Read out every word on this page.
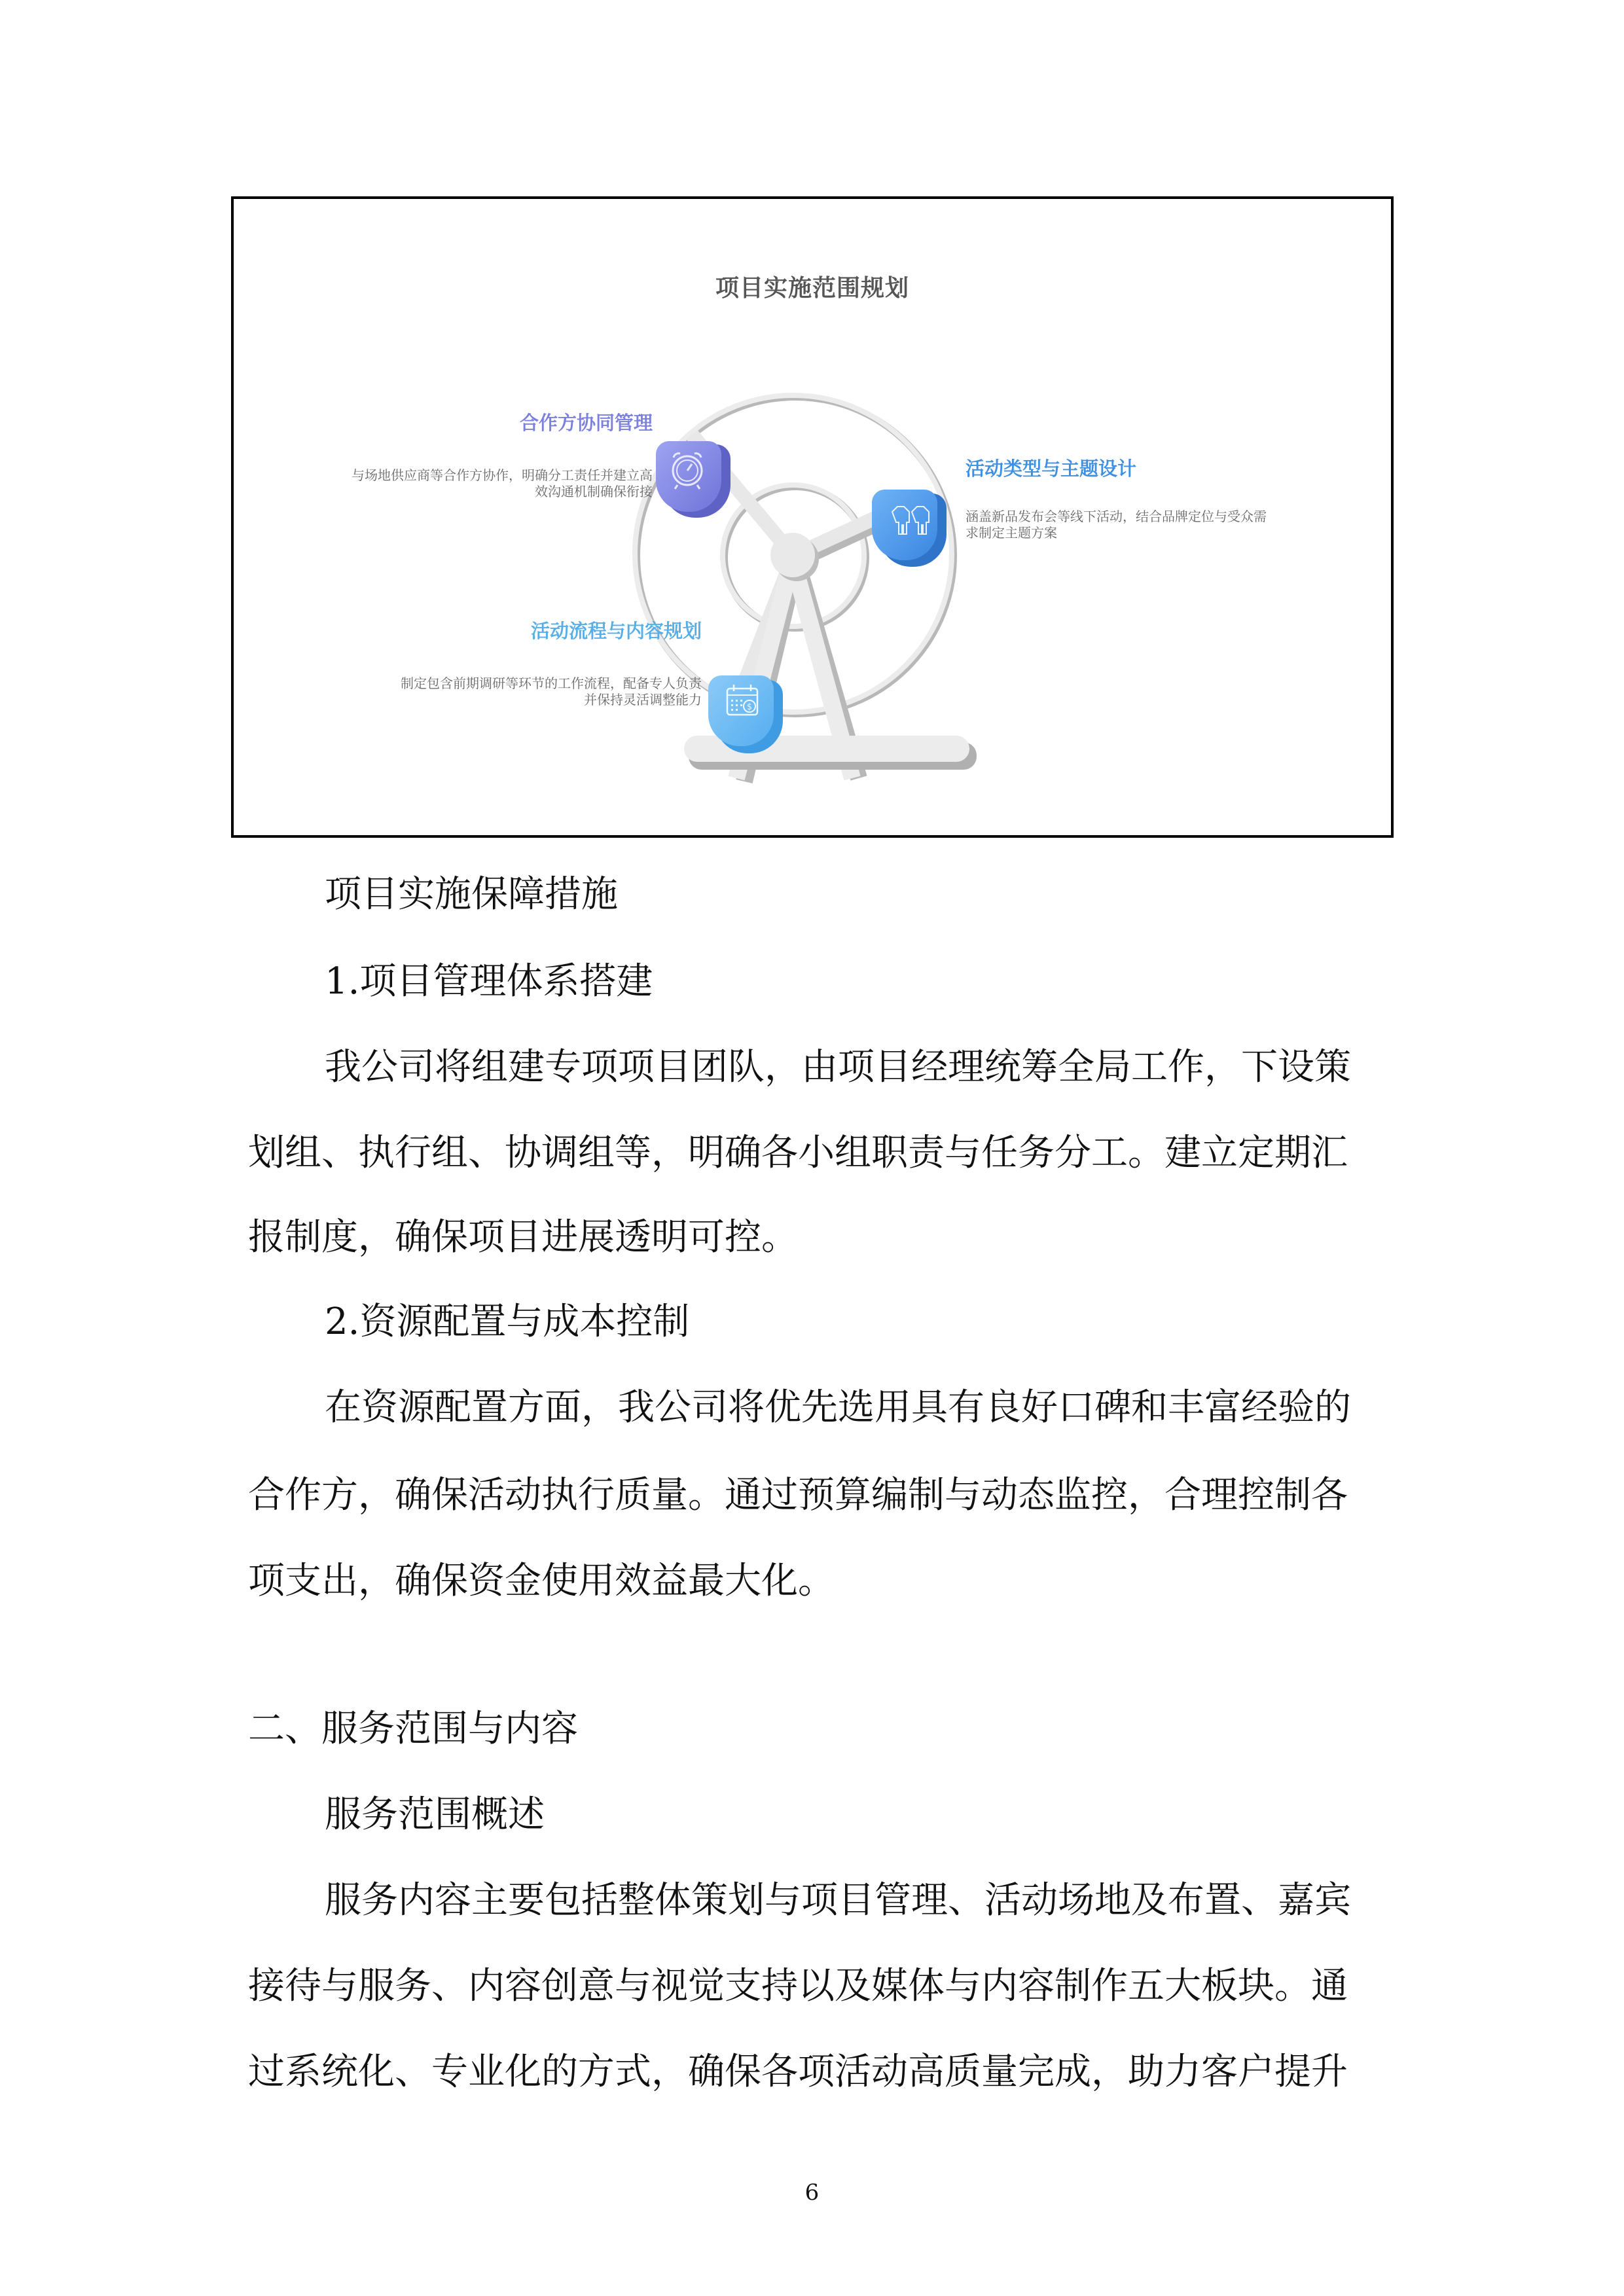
项目实施范围规划
$
合作方协同管理
与场地供应商等合作方协作，明确分工责任并建立高
效沟通机制确保衔接
活动类型与主题设计
涵盖新品发布会等线下活动，结合品牌定位与受众需
求制定主题方案
活动流程与内容规划
制定包含前期调研等环节的工作流程，配备专人负责
并保持灵活调整能力
项目实施保障措施
1.项目管理体系搭建
我公司将组建专项项目团队，由项目经理统筹全局工作，下设策
划组、执行组、协调组等，明确各小组职责与任务分工。建立定期汇
报制度，确保项目进展透明可控。
2.资源配置与成本控制
在资源配置方面，我公司将优先选用具有良好口碑和丰富经验的
合作方，确保活动执行质量。通过预算编制与动态监控，合理控制各
项支出，确保资金使用效益最大化。
二、服务范围与内容
服务范围概述
服务内容主要包括整体策划与项目管理、活动场地及布置、嘉宾
接待与服务、内容创意与视觉支持以及媒体与内容制作五大板块。通
过系统化、专业化的方式，确保各项活动高质量完成，助力客户提升
6
